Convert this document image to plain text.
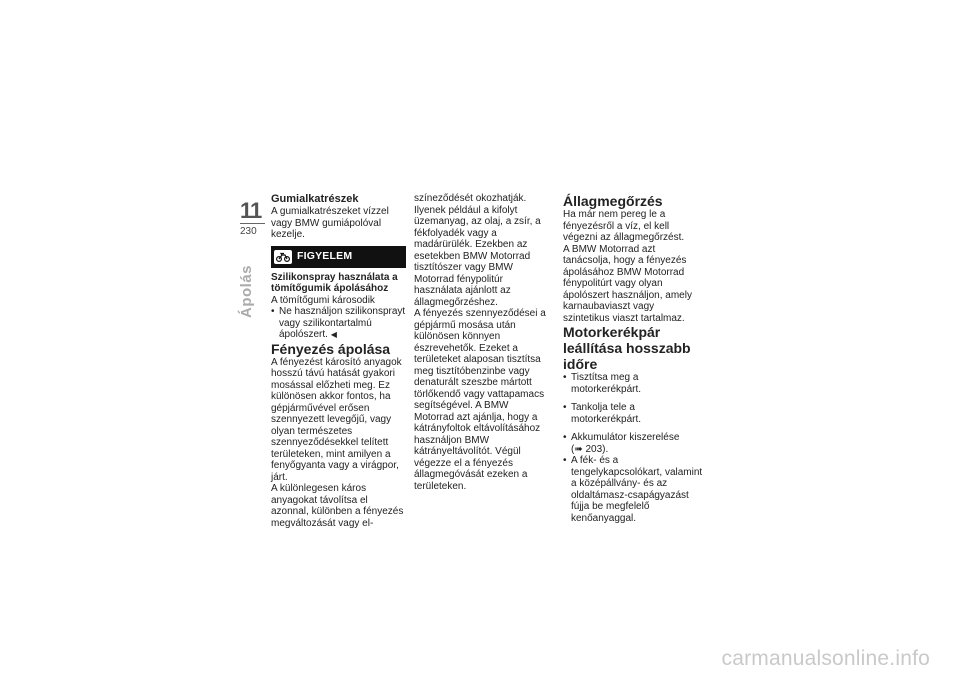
11
230
Ápolás

Gumialkatrészek

A gumialkatrészeket vízzel vagy BMW gumiápolóval kezelje.

FIGYELEM

Szilikonspray használata a tömítőgumik ápolásához

A tömítőgumi károsodik

• Ne használjon szilikonsprayt vagy szilikontartalmú ápolószert. ◀

Fényezés ápolása

A fényezést károsító anyagok hosszú távú hatását gyakori mosással előzheti meg. Ez különösen akkor fontos, ha gépjárművével erősen szennyezett levegőjű, vagy olyan természetes szennyeződésekkel telített területeken, mint amilyen a fenyőgyanta vagy a virágpor, járt.

A különlegesen káros anyagokat távolítsa el azonnal, különben a fényezés megváltozását vagy el-

színeződését okozhatják. Ilyenek például a kifolyt üzemanyag, az olaj, a zsír, a fékfolyadék vagy a madárürülék. Ezekben az esetekben BMW Motorrad tisztítószer vagy BMW Motorrad fénypolitúr használata ajánlott az állagmegőrzéshez.

A fényezés szennyeződései a gépjármű mosása után különösen könnyen észrevehetők. Ezeket a területeket alaposan tisztítsa meg tisztítóbenzinbe vagy denaturált szeszbe mártott törlőkendő vagy vattapamacs segítségével. A BMW Motorrad azt ajánlja, hogy a kátrányfoltok eltávolításához használjon BMW kátrányeltávolítót. Végül végezze el a fényezés állagmegóvását ezeken a területeken.

Állagmegőrzés

Ha már nem pereg le a fényezésről a víz, el kell végezni az állagmegőrzést.

A BMW Motorrad azt tanácsolja, hogy a fényezés ápolásához BMW Motorrad fénypolitúrt vagy olyan ápolószert használjon, amely karnaubaviaszt vagy szintetikus viaszt tartalmaz.

Motorkerékpár leállítása hosszabb időre

• Tisztítsa meg a motorkerékpárt.
• Tankolja tele a motorkerékpárt.
• Akkumulátor kiszerelése
(➠ 203).
• A fék- és a tengelykapcsolókart, valamint a középállvány- és az oldaltámasz-csapágyazást fújja be megfelelő kenőanyaggal.
carmanualsonline.info
